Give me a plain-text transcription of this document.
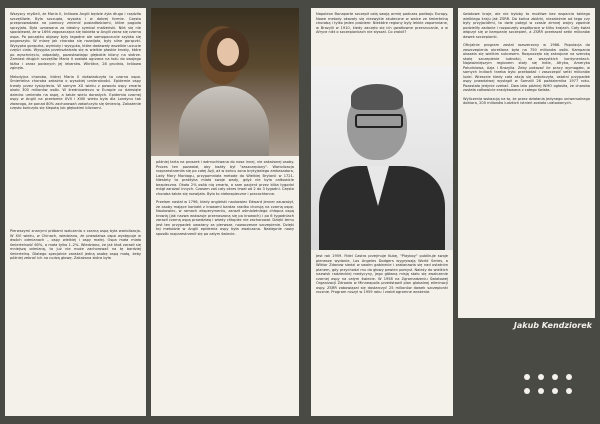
Wszyscy myśleli, że Maria II, królowa Anglii będzie żyła długo i rządziła szczęśliwie. Była szczupła, wysoka i w dobrej formie. Często przeprowadzała na pomocy zmienić posiadłościami, które pogoda sprzyjała. Była uznawana za idealny symbol małżeński. Nikt się nie spodziewał, że w 1694 zagoszcząca się kobieta w Anglii zaraz się czarna ospa. Po początku objawy były łagodne ale samopoczucie szybko się pogorszyło. W miarę jak choroba się rozwijała, były silne gorączki. Wysypka gorączka, wymioty i wysypka, które dodawały wszelkie uczucie części ciała. Wysypka przekształcała się w wielkie płaskie krosty, które po wyschnięciu, odpadały, pozostawiając głębokie blizny na skórze. Zamiast długich szczęśliw Maria II została ogrzana na łożu do swojego łóżka i zaraz podanych jej lekarstw. Wkrótce, 28 grudnia, królowa zginęła.

Melodyjna choroba, której Maria II doświadczyła to czarna ospa. Śmiertelna choroba zakaźna o wysokiej umieralności. Epidemie ospy trwały przez tysiąclecia. W samym XX wieku z powodu ospy zmarło około 300 milionów osób. W średniowieczu w Europie co dziesiąte dziecko umierało na ospę, a także wielu dorosłych. Epidemia czarnej ospy w Anglii na przełomie XVII i XVIII wieku była dla Londynu tak złowroga, że ponad 80% zachorowań zakończyło się śmiercią. Zakażenie często kończyło się ślepotą lub głębokimi bliznami.

Pierwszymi znanymi próbami walczenia z czarną ospą była wariolizacja. W XVI wieku, w Chinach, wiedziano, że prawdziwa ospa występuje w dwóch odmianach – ospy wielkiej i ospy małej. Ospa mała miała śmiertelność 60%, a mała tylko 1–2%. Wiedziano, że jak ktoś zaraził się mniejszą odmianą, to już nie może zachorować na tę bardziej śmiertelną. Dlatego specjalnie zarażali jedną osobę ospą małą, żeby później zebrać ich na cudzą głowę. Zakażona skóra była

później tarta na proszek i wdmuchiwana do nosa innej, nie zakażonej osoby. Proces ten pozwalał, aby każdy był "zaszczepiony". Wariolizacja rozprzestrzeniła się po całej Azji, aż w końcu zona brytyjskiego ambasadora, Lady Mary Montagu, przypomniała metodę do Wielkiej Brytanii w 1721. Niestety ta praktyka miała swoje wady, gdyż nie była całkowicie bezpieczna. Około 2% osób nią zmarło, a sam pacjent przez kilka tygodni mógł zarażać innych. Czasem zaś cały okres trwał od 2 do 3 tygodni. Często choroba także się rozwijała. Było to niebezpieczne i pracochłonne.

Przełom nastał w 1796, kiedy angielski naukowiec Edward Jenner zauważył, że osoby mające kontakt z krowami bardzo rzadko chorują na czarną ospę. Naukowiec, w ramach eksperymentu, zaraził ośmioletniego chłopca ospą krowią (jak nazwa wskazuje przenoszoną się po krowach) i po 6 tygodniach zaraził czarną ospą prawdziwą i wtedy chłopiec nie zachorował. Dzięki temu jest ten przypadek uważany za pierwsze, nowoczesne szczepienie. Dzięki tej metodzie w Anglii epidemia ospy była zwalczana. Następnie nowy sposób rozprzestrzenił się po całym świecie.

Napoleon Bonaparte szczepił całą swoją armię podczas podboju Europy. Nowe metody okazały się niezwykle skuteczne w walce ze śmiertelną chorobą i tylko jeden problem: Niektóre regiony były lekkie zapomniane, w Brazylii w 1910, kiedy zaczęło się ich gwałtowne przerzucanie, a w Afryce nikt o szczepionkach nie słyszał. Co zrobić?

Jest rok 1959. Fidel Castro przejmuje Kubę, "Playboy" publikuje swoje pierwsze wydanie, Los Angeles Dodgers wygrywają World Series, a Wiktor Żdanow siedzi w swoim gabinecie i zastanawia się nad ostatnim planem, gdy przychodzi mu do głowy pewien pomysł. Należy do wielkich nazwisk radzieckiej medycyny, jego główną misją stało się zwalczenie czarnej ospy na całym świecie. W 1958 na Zgromadzeniu Światowej Organizacji Zdrowia w Minneapolis przedstawił plan globalnej eliminacji ospy. ZSRR zobowiązał się dostarczyć 25 milionów dawek szczepionki rocznie. Program ruszył w 1959 roku i zrobił ogromne wrażenie.

światowe kraje, ale nie byłoby to możliwe bez wsparcia takiego wielkiego kraju jak ZSRR. Do końca zbiórki, niezależnie od tego czy były przyjaciółmi, to dwie potęgi w czasie zimnej wojny zgodnie podzieliły zadanie i rozpoczęły współpracę w kilku krajach. Cały świat włączył się w kampanię szczepień, a ZSRR przekazał setki milionów dawek szczepionki.

Oficjalnie program został rozszerzony w 1966. Populacja do zaszczepienia określana była na 750 milionów osób. Kampania okazała się wielkim sukcesem. Rozpoczęło się zakrojone na szeroką skalę szczepienie ludności, na wszystkich kontynentach. Najważniejszym regionem stały się Indie, Afryka, Ameryka Południowa, Azja i Brazylia. Zeby pokazać ile pracy wymagało, w samych Indiach trzeba było przebadać i zaszczepić setki milionów ludzi. Wreszcie kiedy cała akcja się zakończyła, ostatni przypadek ospy prawdziwej wystąpił w Somalii 26 października 1977 roku. Pozostało jedynie czekać. Dwa lata później WHO ogłosiła, że choroba została całkowicie eradykowana z całego świata.

Wyliczenia wskazują na to, że przez działania Jedynego uniwersalnego doktora, 200 milionów ludzkich istnień zostało uratowanych.

Jakub Kendziorek
